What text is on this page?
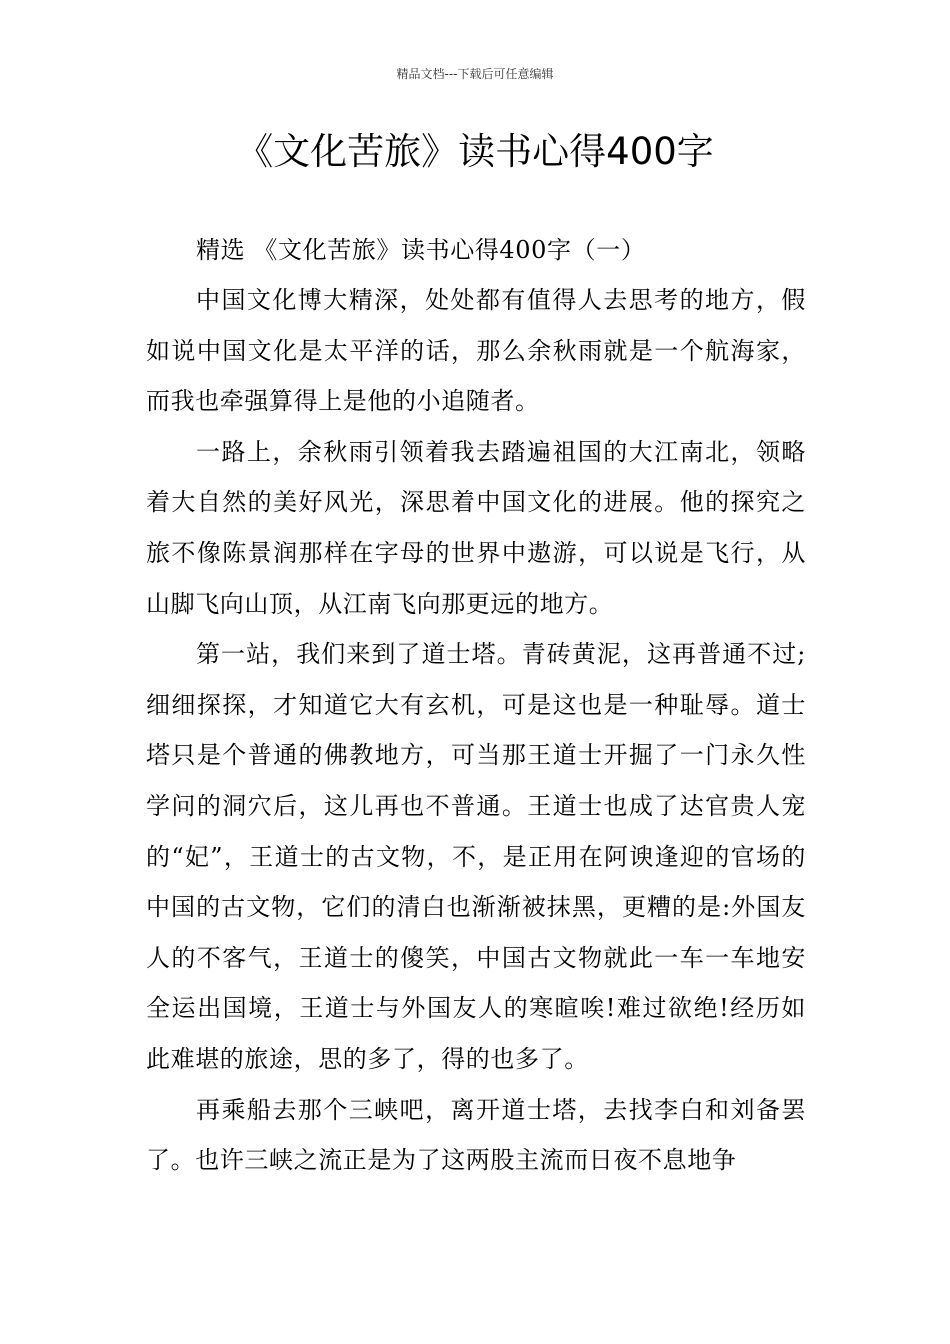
精品文档---下载后可任意编辑
《文化苦旅》读书心得400字

精选 《文化苦旅》读书心得400字（一）

中国文化博大精深，处处都有值得人去思考的地方，假如说中国文化是太平洋的话，那么余秋雨就是一个航海家，而我也牵强算得上是他的小追随者。

一路上，余秋雨引领着我去踏遍祖国的大江南北，领略着大自然的美好风光，深思着中国文化的进展。他的探究之旅不像陈景润那样在字母的世界中遨游，可以说是飞行，从山脚飞向山顶，从江南飞向那更远的地方。

第一站，我们来到了道士塔。青砖黄泥，这再普通不过;细细探探，才知道它大有玄机，可是这也是一种耻辱。道士塔只是个普通的佛教地方，可当那王道士开掘了一门永久性学问的洞穴后，这儿再也不普通。王道士也成了达官贵人宠的“妃”，王道士的古文物，不，是正用在阿谀逢迎的官场的中国的古文物，它们的清白也渐渐被抹黑，更糟的是:外国友人的不客气，王道士的傻笑，中国古文物就此一车一车地安全运出国境，王道士与外国友人的寒暄唉!难过欲绝!经历如此难堪的旅途，思的多了，得的也多了。

再乘船去那个三峡吧，离开道士塔，去找李白和刘备罢了。也许三峡之流正是为了这两股主流而日夜不息地争
